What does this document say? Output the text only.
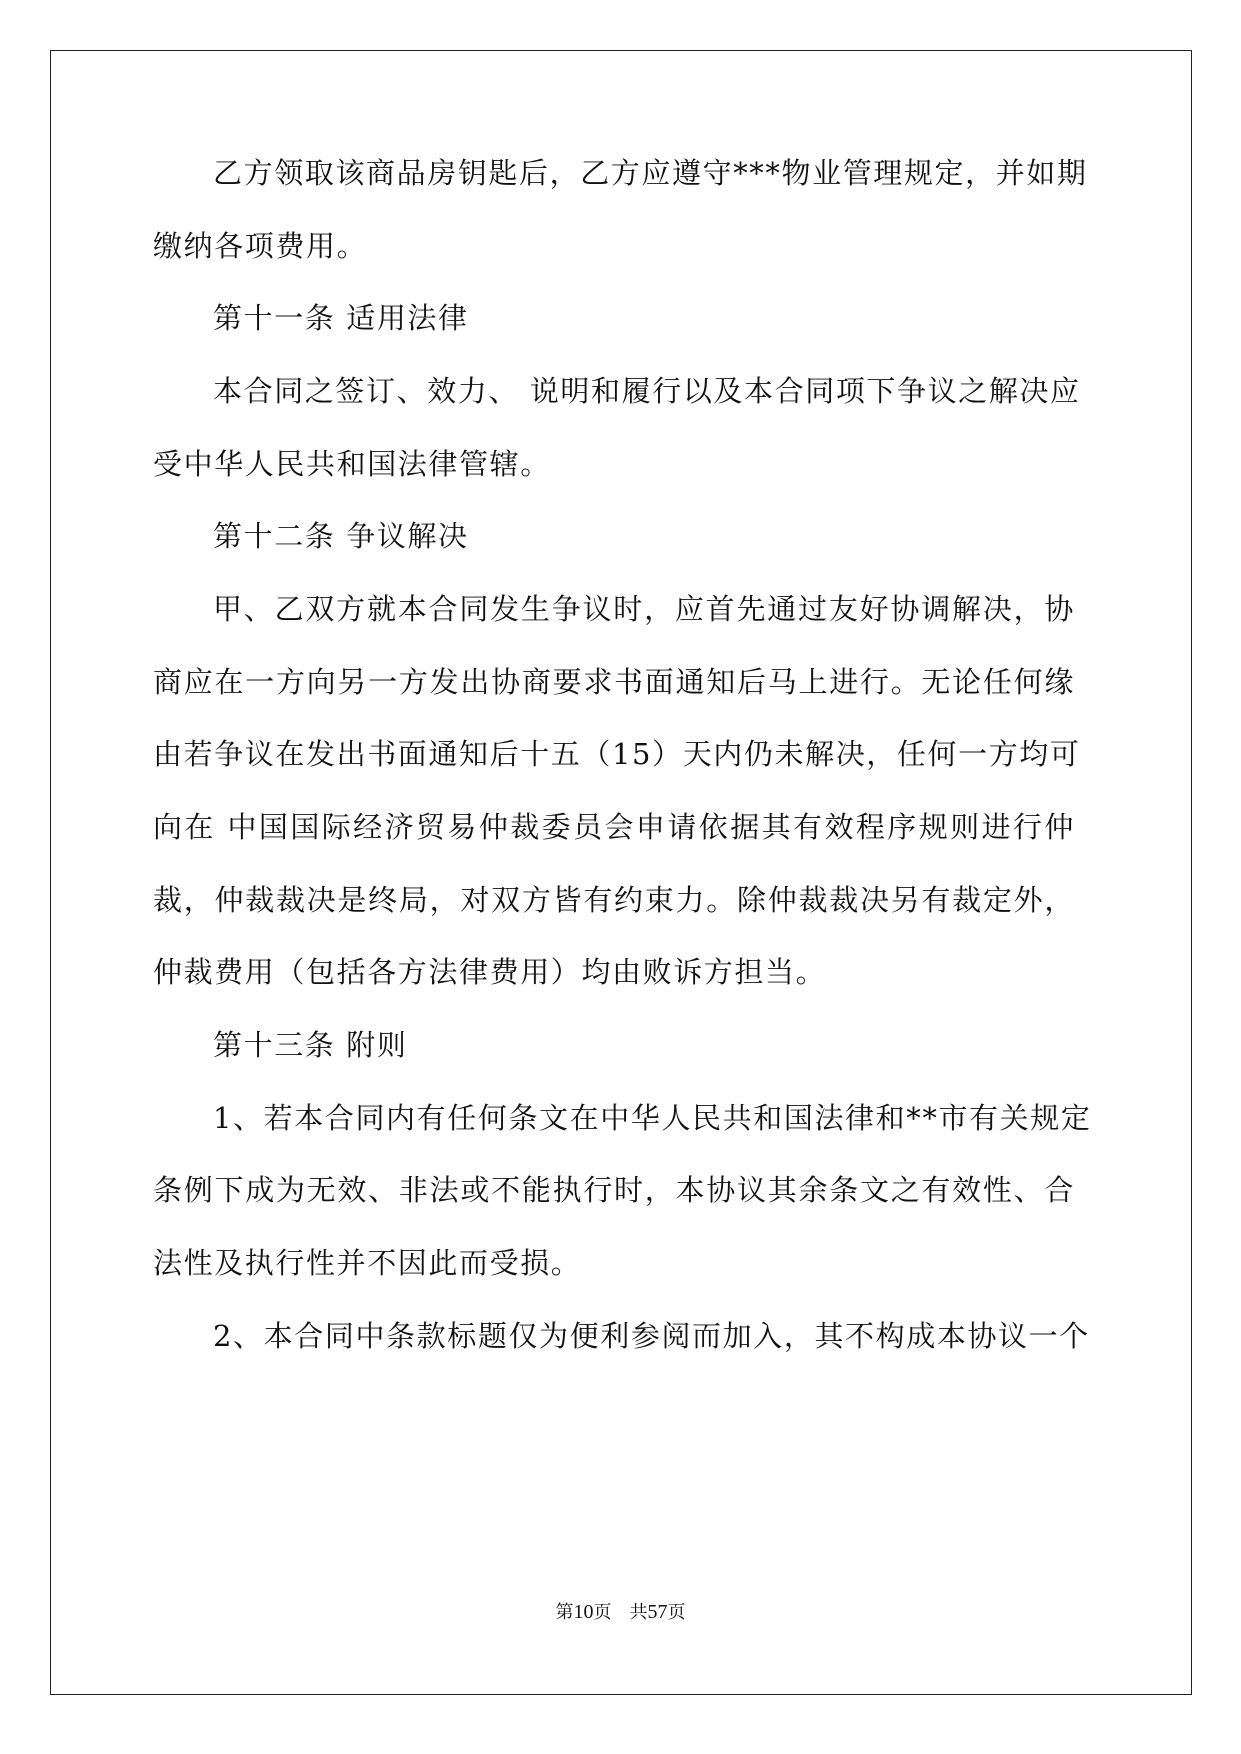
乙方领取该商品房钥匙后，乙方应遵守***物业管理规定，并如期
缴纳各项费用。
第十一条 适用法律
本合同之签订、效力、 说明和履行以及本合同项下争议之解决应
受中华人民共和国法律管辖。
第十二条 争议解决
甲、乙双方就本合同发生争议时，应首先通过友好协调解决，协
商应在一方向另一方发出协商要求书面通知后马上进行。无论任何缘
由若争议在发出书面通知后十五（15）天内仍未解决，任何一方均可
向在 中国国际经济贸易仲裁委员会申请依据其有效程序规则进行仲
裁，仲裁裁决是终局，对双方皆有约束力。除仲裁裁决另有裁定外，
仲裁费用（包括各方法律费用）均由败诉方担当。
第十三条 附则
1、若本合同内有任何条文在中华人民共和国法律和**市有关规定
条例下成为无效、非法或不能执行时，本协议其余条文之有效性、合
法性及执行性并不因此而受损。
2、本合同中条款标题仅为便利参阅而加入，其不构成本协议一个
第10页　共57页
